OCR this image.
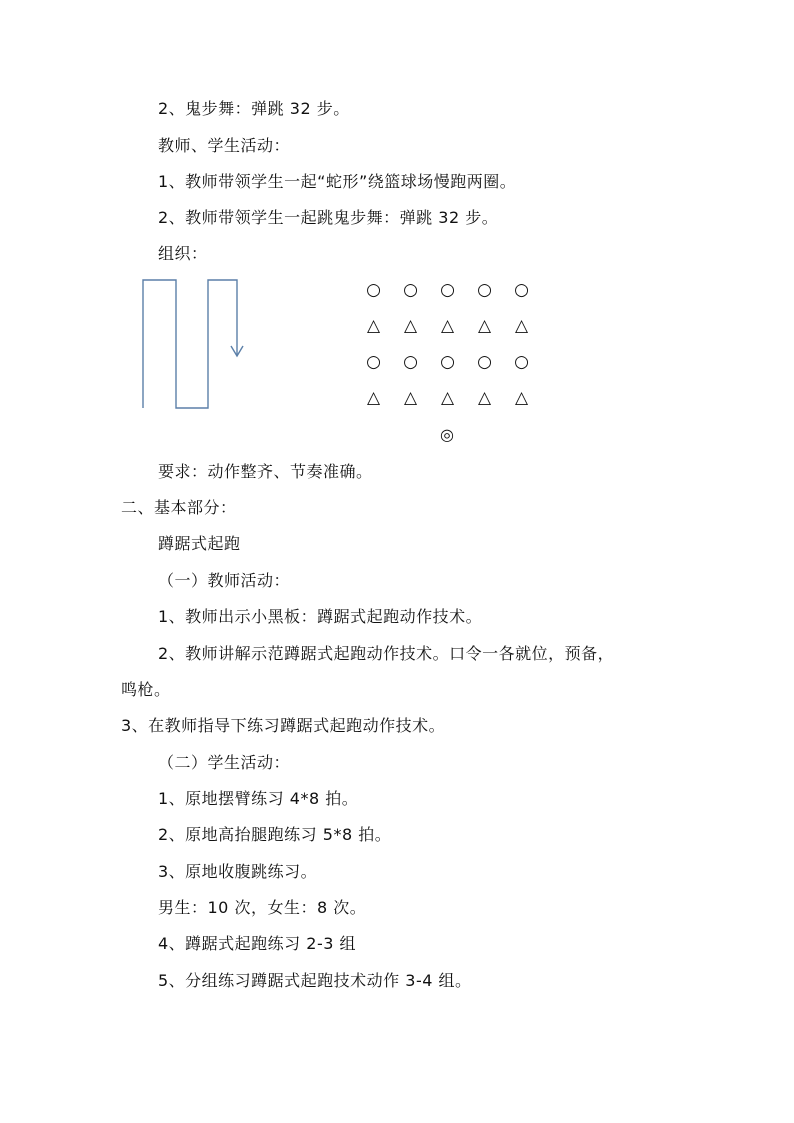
2、鬼步舞：弹跳 32 步。
教师、学生活动：
1、教师带领学生一起“蛇形”绕篮球场慢跑两圈。
2、教师带领学生一起跳鬼步舞：弹跳 32 步。
组织：
○	○	○	○	○
△	△	△	△	△
○	○	○	○	○
△	△	△	△	△
◎
要求：动作整齐、节奏准确。
二、基本部分：
蹲踞式起跑
（一）教师活动：
1、教师出示小黑板：蹲踞式起跑动作技术。
2、教师讲解示范蹲踞式起跑动作技术。口令一各就位，预备，
鸣枪。
3、在教师指导下练习蹲踞式起跑动作技术。
（二）学生活动：
1、原地摆臂练习 4*8 拍。
2、原地高抬腿跑练习 5*8 拍。
3、原地收腹跳练习。
男生：10 次，女生：8 次。
4、蹲踞式起跑练习 2-3 组
5、分组练习蹲踞式起跑技术动作 3-4 组。
